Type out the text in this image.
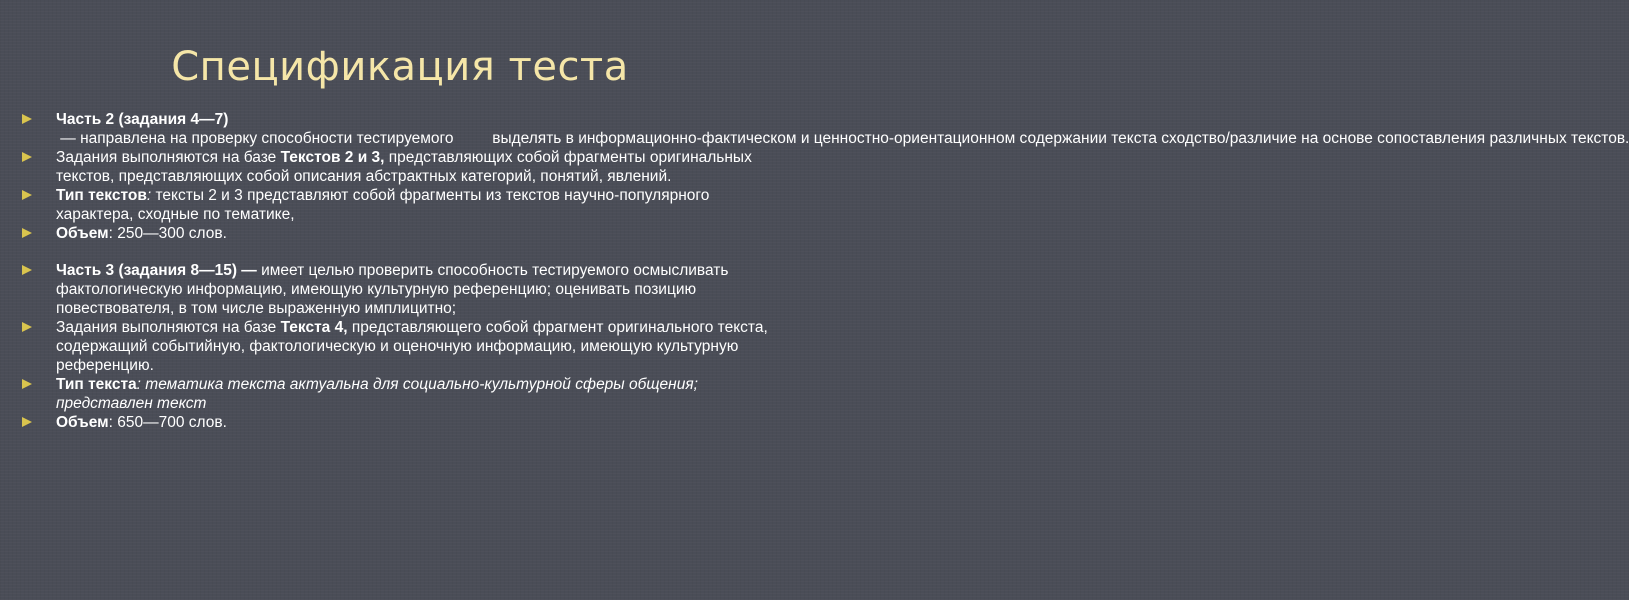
Спецификация теста
Часть 2 (задания 4—7) — направлена на проверку способности тестируемого         выделять в информационно-фактическом и ценностно-ориентационном содержании текста сходство/различие на основе сопоставления различных текстов.
Задания выполняются на базе Текстов 2 и 3, представляющих собой фрагменты оригинальных текстов, представляющих собой описания абстрактных категорий, понятий, явлений.
Тип текстов: тексты 2 и 3 представляют собой фрагменты из текстов научно-популярного характера, сходные по тематике,
Объем: 250—300 слов.
Часть 3 (задания 8—15) — имеет целью проверить способность тестируемого осмысливать фактологическую информацию, имеющую культурную референцию; оценивать позицию повествователя, в том числе выраженную имплицитно;
Задания выполняются на базе Текста 4, представляющего собой фрагмент оригинального текста, содержащий событийную, фактологическую и оценочную информацию, имеющую культурную референцию.
Тип текста: тематика текста актуальна для социально-культурной сферы общения; представлен текст
Объем: 650—700 слов.
